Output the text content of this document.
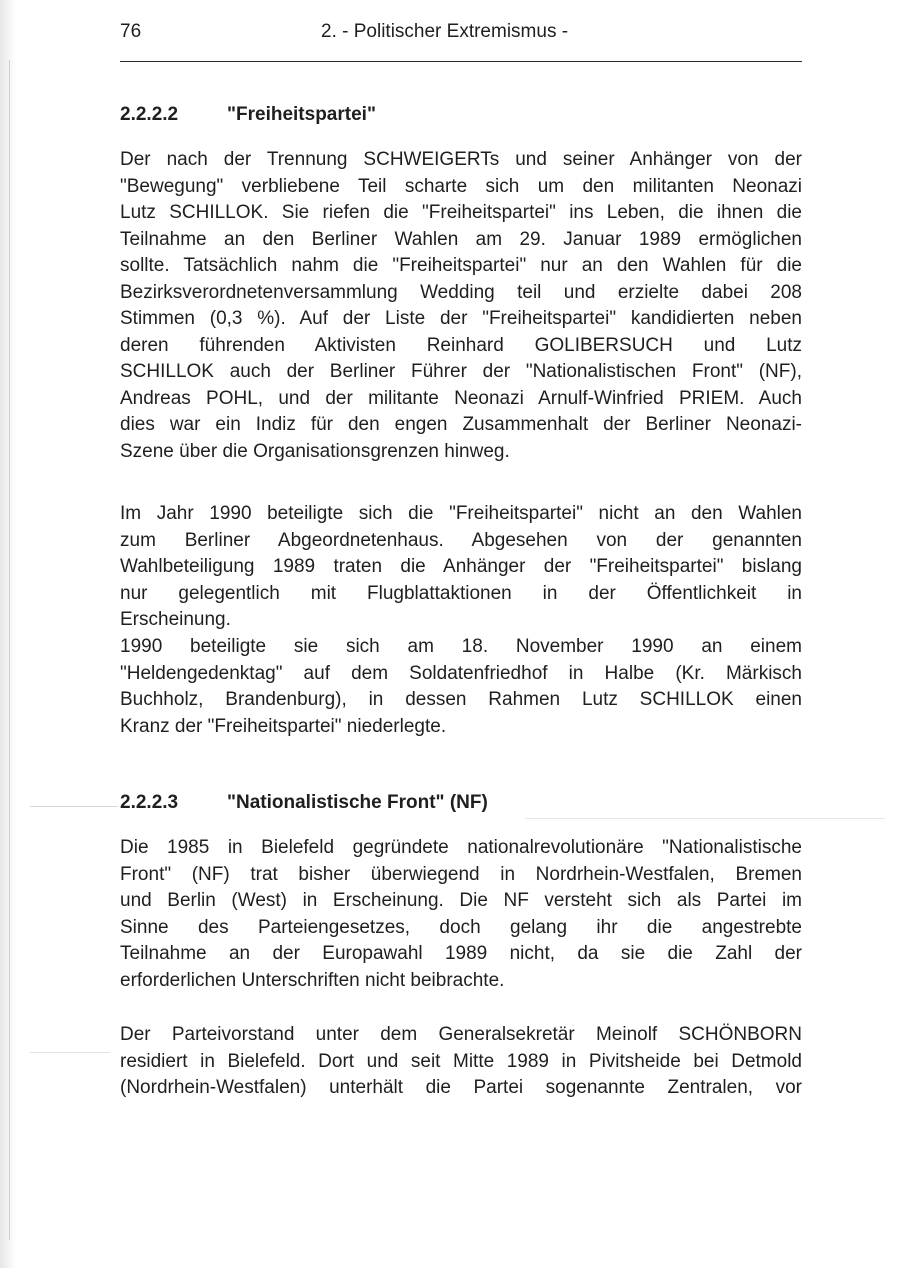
76	2. - Politischer Extremismus -
2.2.2.2	"Freiheitspartei"
Der nach der Trennung SCHWEIGERTs und seiner Anhänger von der
"Bewegung" verbliebene Teil scharte sich um den militanten Neonazi
Lutz SCHILLOK. Sie riefen die "Freiheitspartei" ins Leben, die ihnen die
Teilnahme an den Berliner Wahlen am 29. Januar 1989 ermöglichen
sollte. Tatsächlich nahm die "Freiheitspartei" nur an den Wahlen für die
Bezirksverordnetenversammlung Wedding teil und erzielte dabei 208
Stimmen (0,3 %). Auf der Liste der "Freiheitspartei" kandidierten neben
deren führenden Aktivisten Reinhard GOLIBERSUCH und Lutz
SCHILLOK auch der Berliner Führer der "Nationalistischen Front" (NF),
Andreas POHL, und der militante Neonazi Arnulf-Winfried PRIEM. Auch
dies war ein Indiz für den engen Zusammenhalt der Berliner Neonazi-
Szene über die Organisationsgrenzen hinweg.
Im Jahr 1990 beteiligte sich die "Freiheitspartei" nicht an den Wahlen
zum Berliner Abgeordnetenhaus. Abgesehen von der genannten
Wahlbeteiligung 1989 traten die Anhänger der "Freiheitspartei" bislang
nur gelegentlich mit Flugblattaktionen in der Öffentlichkeit in
Erscheinung.
1990 beteiligte sie sich am 18. November 1990 an einem
"Heldengedenktag" auf dem Soldatenfriedhof in Halbe (Kr. Märkisch
Buchholz, Brandenburg), in dessen Rahmen Lutz SCHILLOK einen
Kranz der "Freiheitspartei" niederlegte.
2.2.2.3	"Nationalistische Front" (NF)
Die 1985 in Bielefeld gegründete nationalrevolutionäre "Nationalistische
Front" (NF) trat bisher überwiegend in Nordrhein-Westfalen, Bremen
und Berlin (West) in Erscheinung. Die NF versteht sich als Partei im
Sinne des Parteiengesetzes, doch gelang ihr die angestrebte
Teilnahme an der Europawahl 1989 nicht, da sie die Zahl der
erforderlichen Unterschriften nicht beibrachte.
Der Parteivorstand unter dem Generalsekretär Meinolf SCHÖNBORN
residiert in Bielefeld. Dort und seit Mitte 1989 in Pivitsheide bei Detmold
(Nordrhein-Westfalen) unterhält die Partei sogenannte Zentralen, vor
